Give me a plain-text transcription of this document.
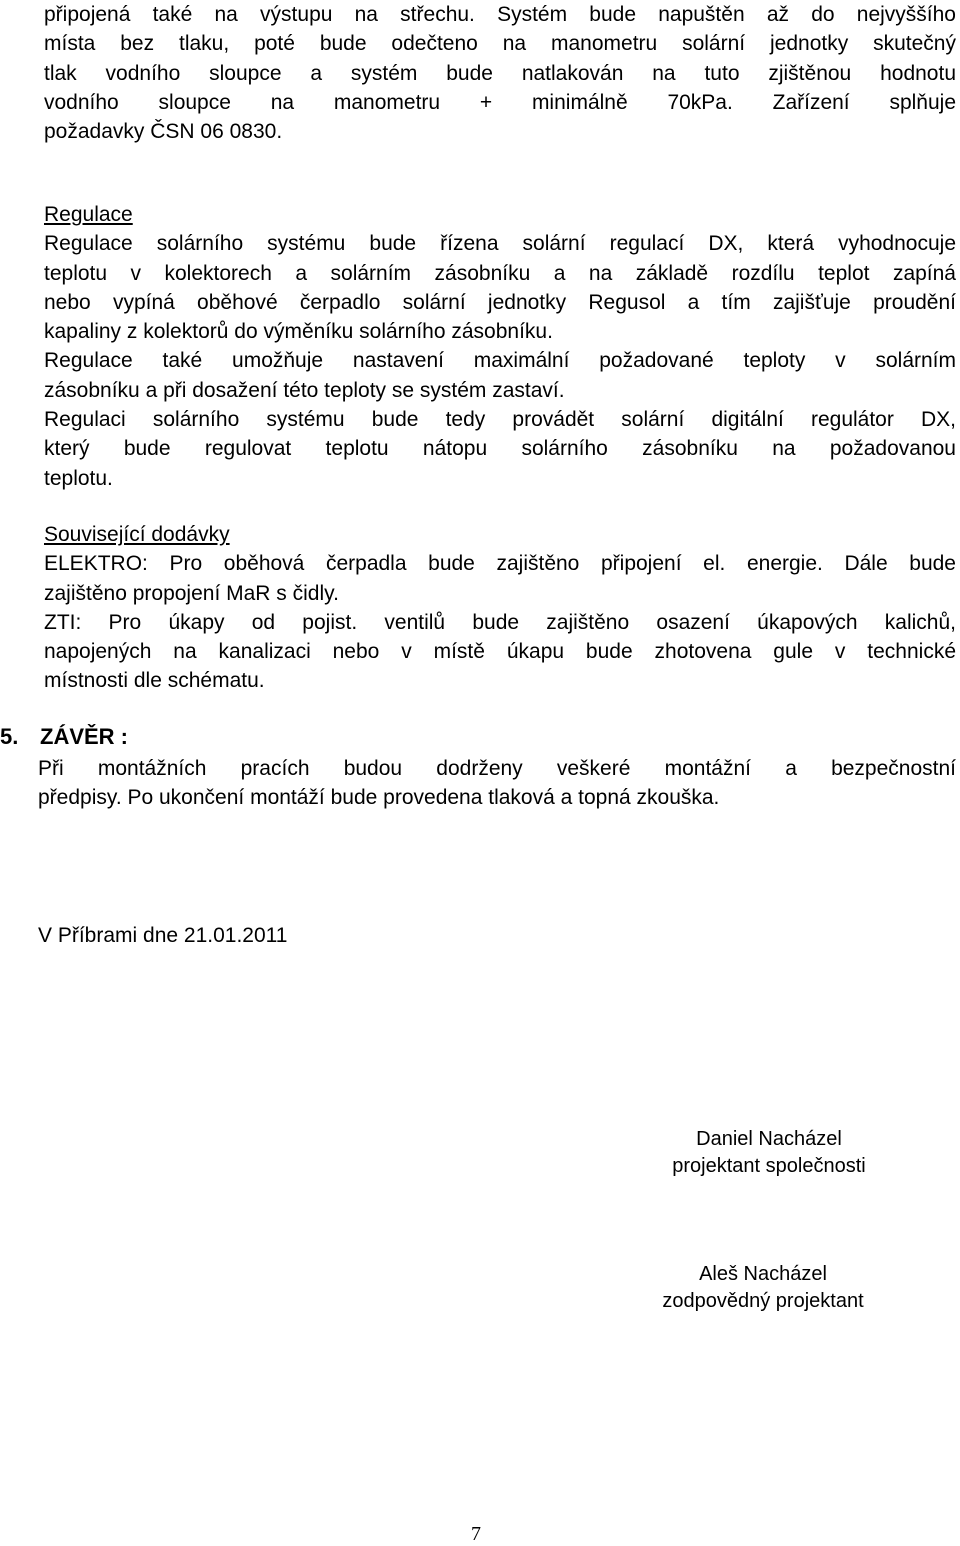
připojená také na výstupu na střechu. Systém bude napuštěn až do nejvyššího
místa bez tlaku, poté bude odečteno na manometru solární jednotky skutečný
tlak vodního sloupce a systém bude natlakován na tuto zjištěnou hodnotu
vodního sloupce na manometru + minimálně 70kPa. Zařízení splňuje
požadavky ČSN 06 0830.
Regulace
Regulace solárního systému bude řízena solární regulací DX, která vyhodnocuje
teplotu v kolektorech a solárním zásobníku a na základě rozdílu teplot zapíná
nebo vypíná oběhové čerpadlo solární jednotky Regusol a tím zajišťuje proudění
kapaliny z kolektorů do výměníku solárního zásobníku.
Regulace také umožňuje nastavení maximální požadované teploty v solárním
zásobníku a při dosažení této teploty se systém zastaví.
Regulaci solárního systému bude tedy provádět solární digitální regulátor DX,
který bude regulovat teplotu nátopu solárního zásobníku na požadovanou
teplotu.
Související dodávky
ELEKTRO: Pro oběhová čerpadla bude zajištěno připojení el. energie. Dále bude
zajištěno propojení MaR s čidly.
ZTI: Pro úkapy od pojist. ventilů bude zajištěno osazení úkapových kalichů,
napojených na kanalizaci nebo v místě úkapu bude zhotovena gule v technické
místnosti dle schématu.
5. ZÁVĚR :
Při montážních pracích budou dodrženy veškeré montážní a bezpečnostní
předpisy. Po ukončení montáží bude provedena tlaková a topná zkouška.
V Příbrami dne 21.01.2011
Daniel Nacházel
projektant společnosti
Aleš Nacházel
zodpovědný projektant
7
